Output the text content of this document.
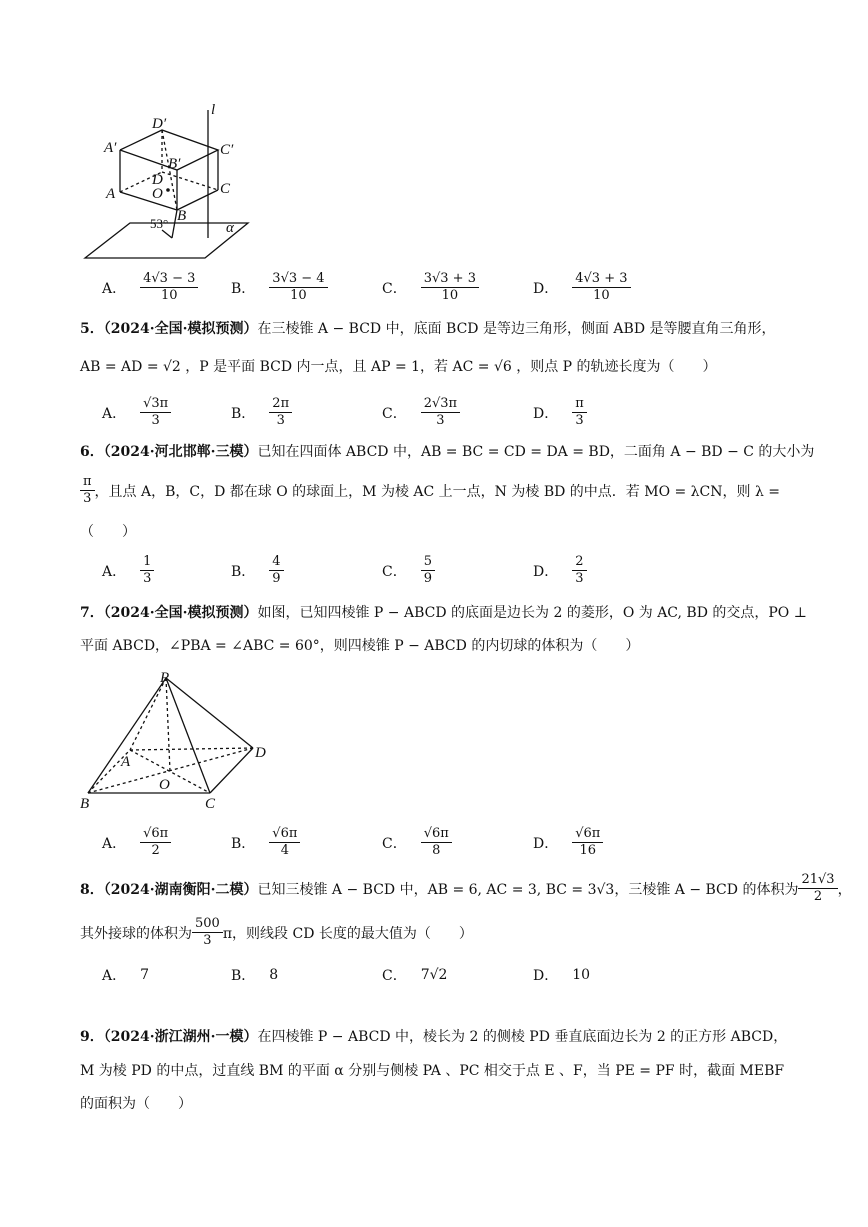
D′
A′
B′
C′
D
O
A	C
B
53°
l
α
A． $\frac{4√3 - 3}{10}$ B． $\frac{3√3 - 4}{10}$	C． $\frac{3√3 + 3}{10}$	D． $\frac{4√3 + 3}{10}$
5．（2024·全国·模拟预测）在三棱锥 A − BCD 中，底面 BCD 是等边三角形，侧面 ABD 是等腰直角三角形，
AB = AD = √2 ，P 是平面 BCD 内一点，且 AP = 1，若 AC = √6 ，则点 P 的轨迹长度为（　　）
A． $\frac{√3\pi}{3}$	B． $\frac{2\pi}{3}$	C． $\frac{2√3\pi}{3}$	D． $\frac{\pi}{3}$
6．（2024·河北邯郸·三模）已知在四面体 ABCD 中，AB = BC = CD = DA = BD，二面角 A − BD − C 的大小为
$\frac{\pi}{3}$ ，且点 A，B，C，D 都在球 O 的球面上，M 为棱 AC 上一点，N 为棱 BD 的中点．若 MO = λCN，则 λ =
（　　）
A． $\frac{1}{3}$	B． $\frac{4}{9}$	C． $\frac{5}{9}$	D． $\frac{2}{3}$
7．（2024·全国·模拟预测）如图，已知四棱锥 P − ABCD 的底面是边长为 2 的菱形，O 为 AC, BD 的交点，PO ⊥
平面 ABCD，∠PBA = ∠ABC = 60°，则四棱锥 P − ABCD 的内切球的体积为（　　）
P
D
A
O
B	C
A． $\frac{√6\pi}{2}$	B． $\frac{√6\pi}{4}$	C． $\frac{√6\pi}{8}$	D． $\frac{√6\pi}{16}$
8．（2024·湖南衡阳·二模） 已知三棱锥 A − BCD 中，AB = 6, AC = 3, BC = 3√3，三棱锥 A − BCD 的体积为 $\frac{21√3}{2}$ ，
其外接球的体积为 $\frac{500}{3}$ π，则线段 CD 长度的最大值为（　　）
A． 7	B． 8	C． 7√2	D． 10
9．（2024·浙江湖州·一模）在四棱锥 P − ABCD 中，棱长为 2 的侧棱 PD 垂直底面边长为 2 的正方形 ABCD，
M 为棱 PD 的中点，过直线 BM 的平面 α 分别与侧棱 PA 、PC 相交于点 E 、F，当 PE = PF 时，截面 MEBF
的面积为（　　）
